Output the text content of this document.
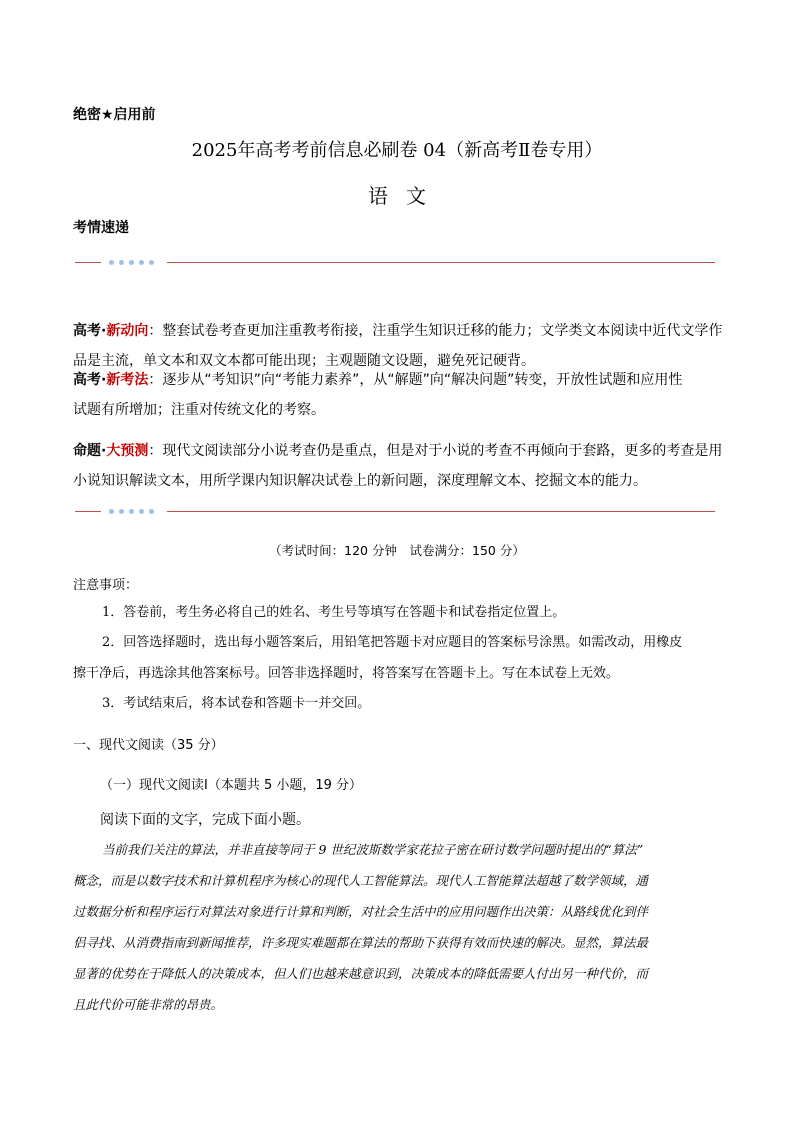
绝密★启用前
2025年高考考前信息必刷卷 04（新高考Ⅱ卷专用）
语文
考情速递

高考·新动向：整套试卷考查更加注重教考衔接，注重学生知识迁移的能力；文学类文本阅读中近代文学作

品是主流，单文本和双文本都可能出现；主观题随文设题，避免死记硬背。

高考·新考法：逐步从“考知识”向“考能力素养”，从“解题”向“解决问题”转变，开放性试题和应用性

试题有所增加；注重对传统文化的考察。

命题·大预测：现代文阅读部分小说考查仍是重点，但是对于小说的考查不再倾向于套路，更多的考查是用

小说知识解读文本，用所学课内知识解决试卷上的新问题，深度理解文本、挖掘文本的能力。

（考试时间：120 分钟　试卷满分：150 分）
注意事项：

1．答卷前，考生务必将自己的姓名、考生号等填写在答题卡和试卷指定位置上。

2．回答选择题时，选出每小题答案后，用铅笔把答题卡对应题目的答案标号涂黑。如需改动，用橡皮

擦干净后，再选涂其他答案标号。回答非选择题时，将答案写在答题卡上。写在本试卷上无效。

3．考试结束后，将本试卷和答题卡一并交回。

一、现代文阅读（35 分）
（一）现代文阅读Ⅰ（本题共 5 小题，19 分）
阅读下面的文字，完成下面小题。

当前我们关注的算法，并非直接等同于 9 世纪波斯数学家花拉子密在研讨数学问题时提出的“算法”

概念，而是以数字技术和计算机程序为核心的现代人工智能算法。现代人工智能算法超越了数学领域，通

过数据分析和程序运行对算法对象进行计算和判断，对社会生活中的应用问题作出决策：从路线优化到伴

侣寻找、从消费指南到新闻推荐，许多现实难题都在算法的帮助下获得有效而快速的解决。显然，算法最

显著的优势在于降低人的决策成本，但人们也越来越意识到，决策成本的降低需要人付出另一种代价，而

且此代价可能非常的昂贵。
